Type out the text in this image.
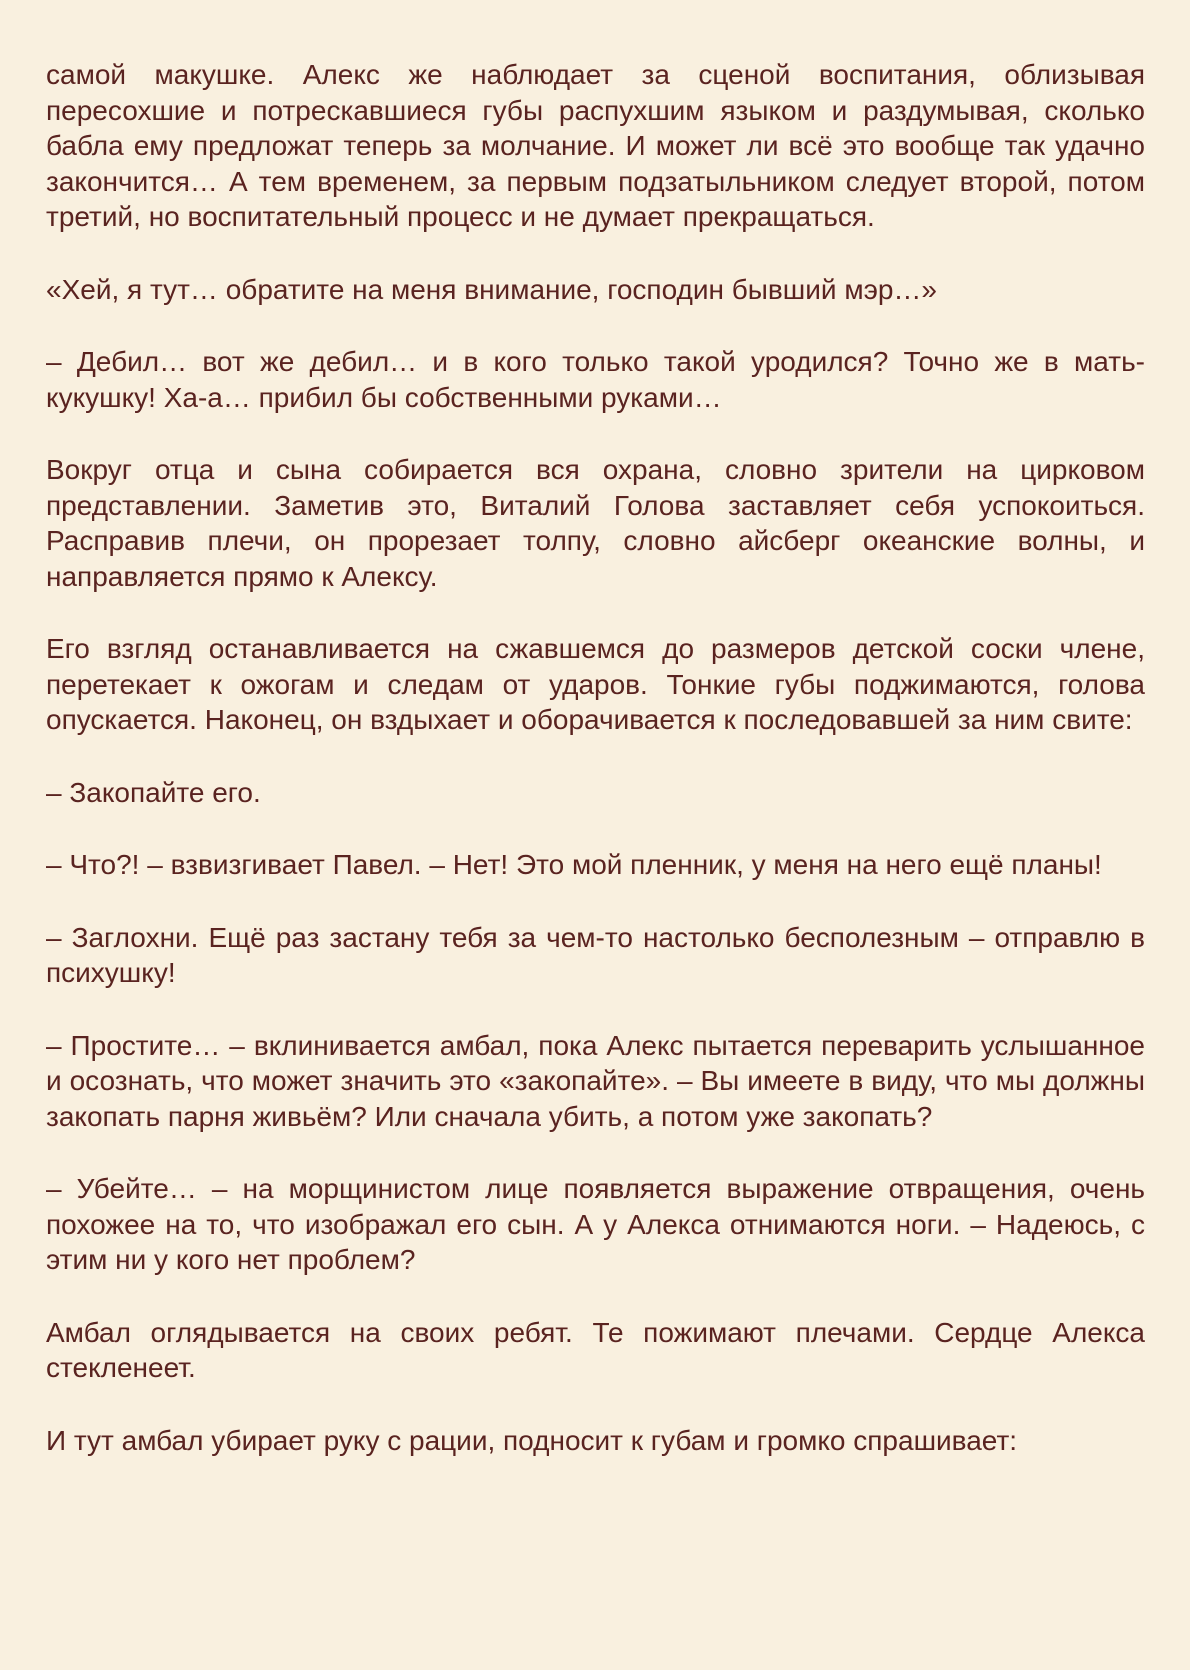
самой макушке. Алекс же наблюдает за сценой воспитания, облизывая пересохшие и потрескавшиеся губы распухшим языком и раздумывая, сколько бабла ему предложат теперь за молчание. И может ли всё это вообще так удачно закончится… А тем временем, за первым подзатыльником следует второй, потом третий, но воспитательный процесс и не думает прекращаться.

«Хей, я тут… обратите на меня внимание, господин бывший мэр…»

– Дебил… вот же дебил… и в кого только такой уродился? Точно же в мать-кукушку! Ха-а… прибил бы собственными руками…

Вокруг отца и сына собирается вся охрана, словно зрители на цирковом представлении. Заметив это, Виталий Голова заставляет себя успокоиться. Расправив плечи, он прорезает толпу, словно айсберг океанские волны, и направляется прямо к Алексу.

Его взгляд останавливается на сжавшемся до размеров детской соски члене, перетекает к ожогам и следам от ударов. Тонкие губы поджимаются, голова опускается. Наконец, он вздыхает и оборачивается к последовавшей за ним свите:

– Закопайте его.

– Что?! – взвизгивает Павел. – Нет! Это мой пленник, у меня на него ещё планы!

– Заглохни. Ещё раз застану тебя за чем-то настолько бесполезным – отправлю в психушку!

– Простите… – вклинивается амбал, пока Алекс пытается переварить услышанное и осознать, что может значить это «закопайте». – Вы имеете в виду, что мы должны закопать парня живьём? Или сначала убить, а потом уже закопать?

– Убейте… – на морщинистом лице появляется выражение отвращения, очень похожее на то, что изображал его сын. А у Алекса отнимаются ноги. – Надеюсь, с этим ни у кого нет проблем?

Амбал оглядывается на своих ребят. Те пожимают плечами. Сердце Алекса стекленеет.

И тут амбал убирает руку с рации, подносит к губам и громко спрашивает:
